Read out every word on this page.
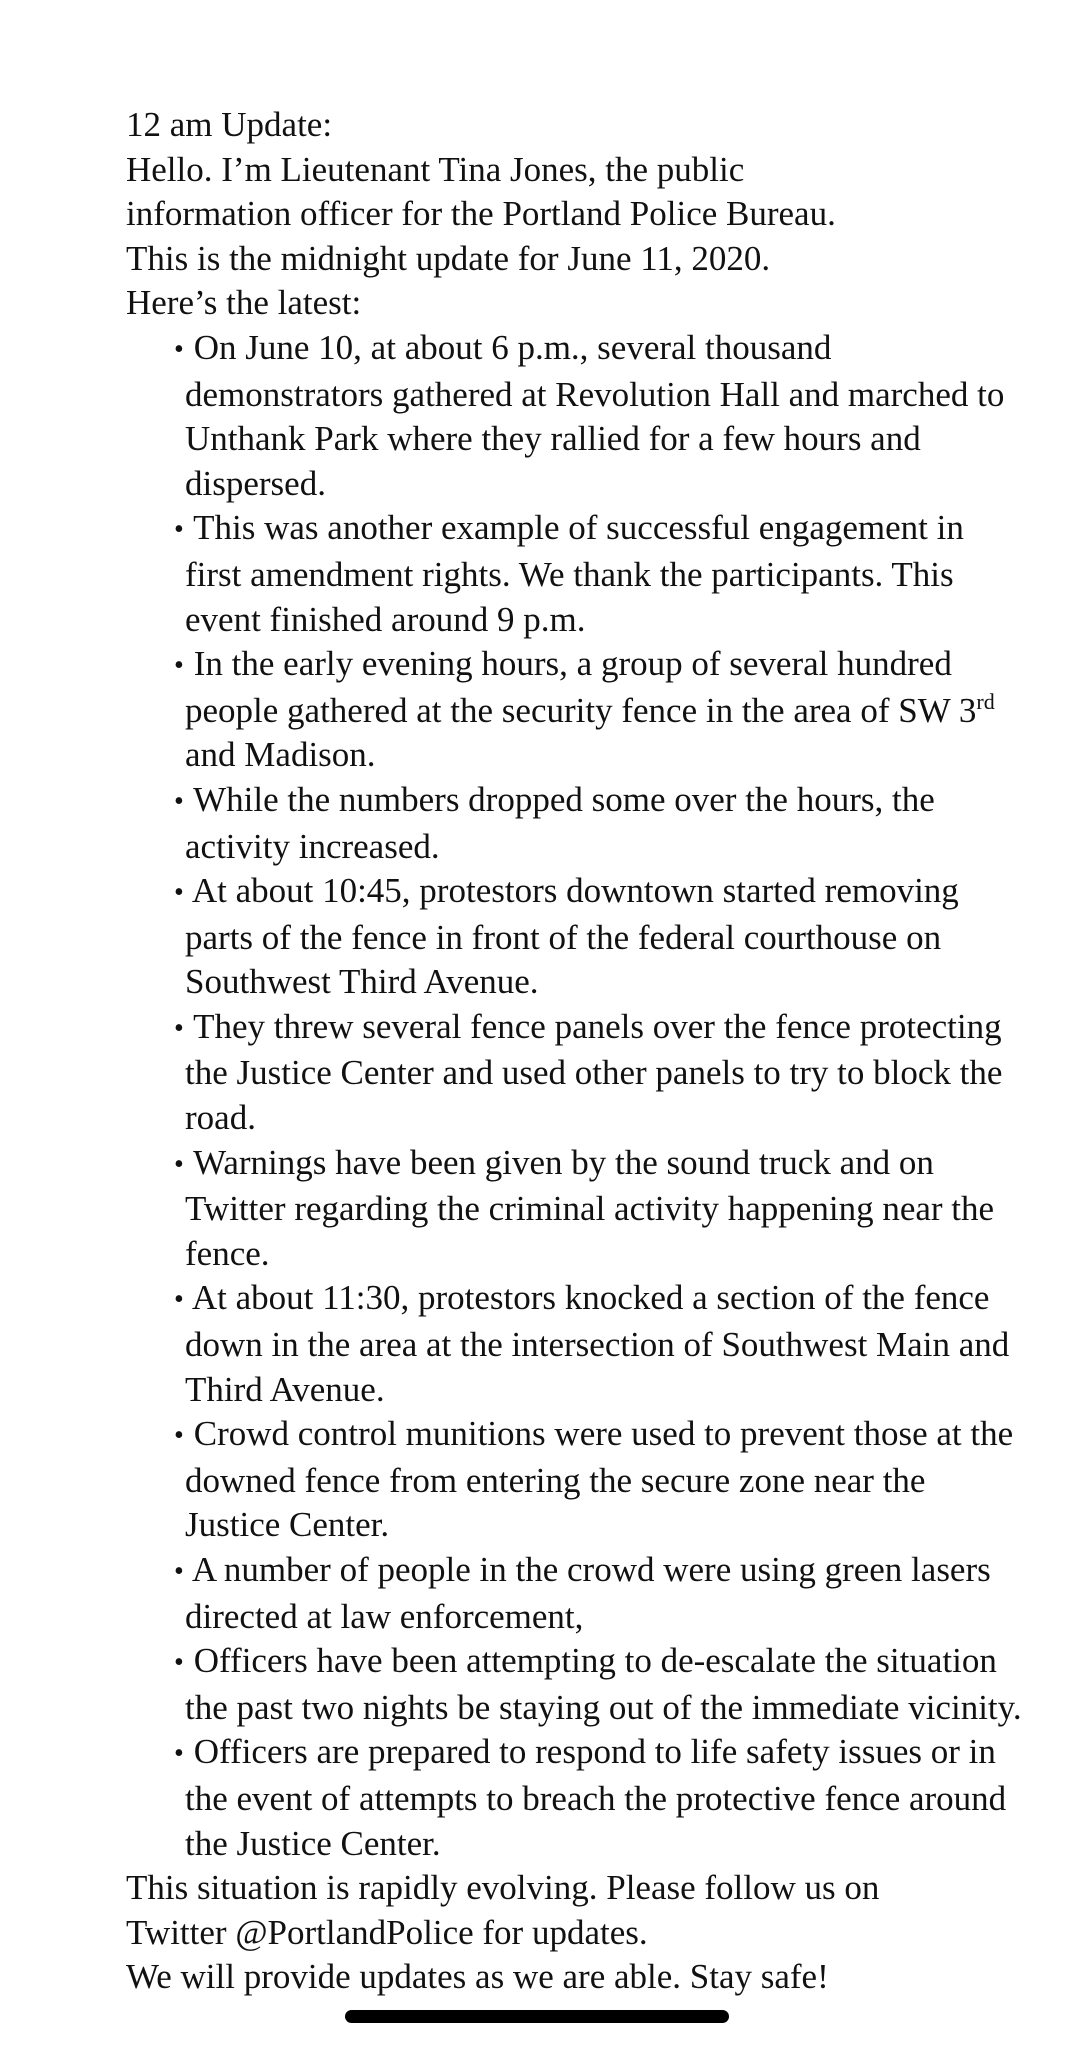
12 am Update:

Hello. I’m Lieutenant Tina Jones, the public

information officer for the Portland Police Bureau.

This is the midnight update for June 11, 2020.

Here’s the latest:

• On June 10, at about 6 p.m., several thousand demonstrators gathered at Revolution Hall and marched to Unthank Park where they rallied for a few hours and dispersed.
• This was another example of successful engagement in first amendment rights. We thank the participants. This event finished around 9 p.m.
• In the early evening hours, a group of several hundred people gathered at the security fence in the area of SW 3rd and Madison.
• While the numbers dropped some over the hours, the activity increased.
• At about 10:45, protestors downtown started removing parts of the fence in front of the federal courthouse on Southwest Third Avenue.
• They threw several fence panels over the fence protecting the Justice Center and used other panels to try to block the road.
• Warnings have been given by the sound truck and on Twitter regarding the criminal activity happening near the fence.
• At about 11:30, protestors knocked a section of the fence down in the area at the intersection of Southwest Main and Third Avenue.
• Crowd control munitions were used to prevent those at the downed fence from entering the secure zone near the Justice Center.
• A number of people in the crowd were using green lasers directed at law enforcement,
• Officers have been attempting to de-escalate the situation the past two nights be staying out of the immediate vicinity.
• Officers are prepared to respond to life safety issues or in the event of attempts to breach the protective fence around the Justice Center.

This situation is rapidly evolving. Please follow us on

Twitter @PortlandPolice for updates.

We will provide updates as we are able. Stay safe!
